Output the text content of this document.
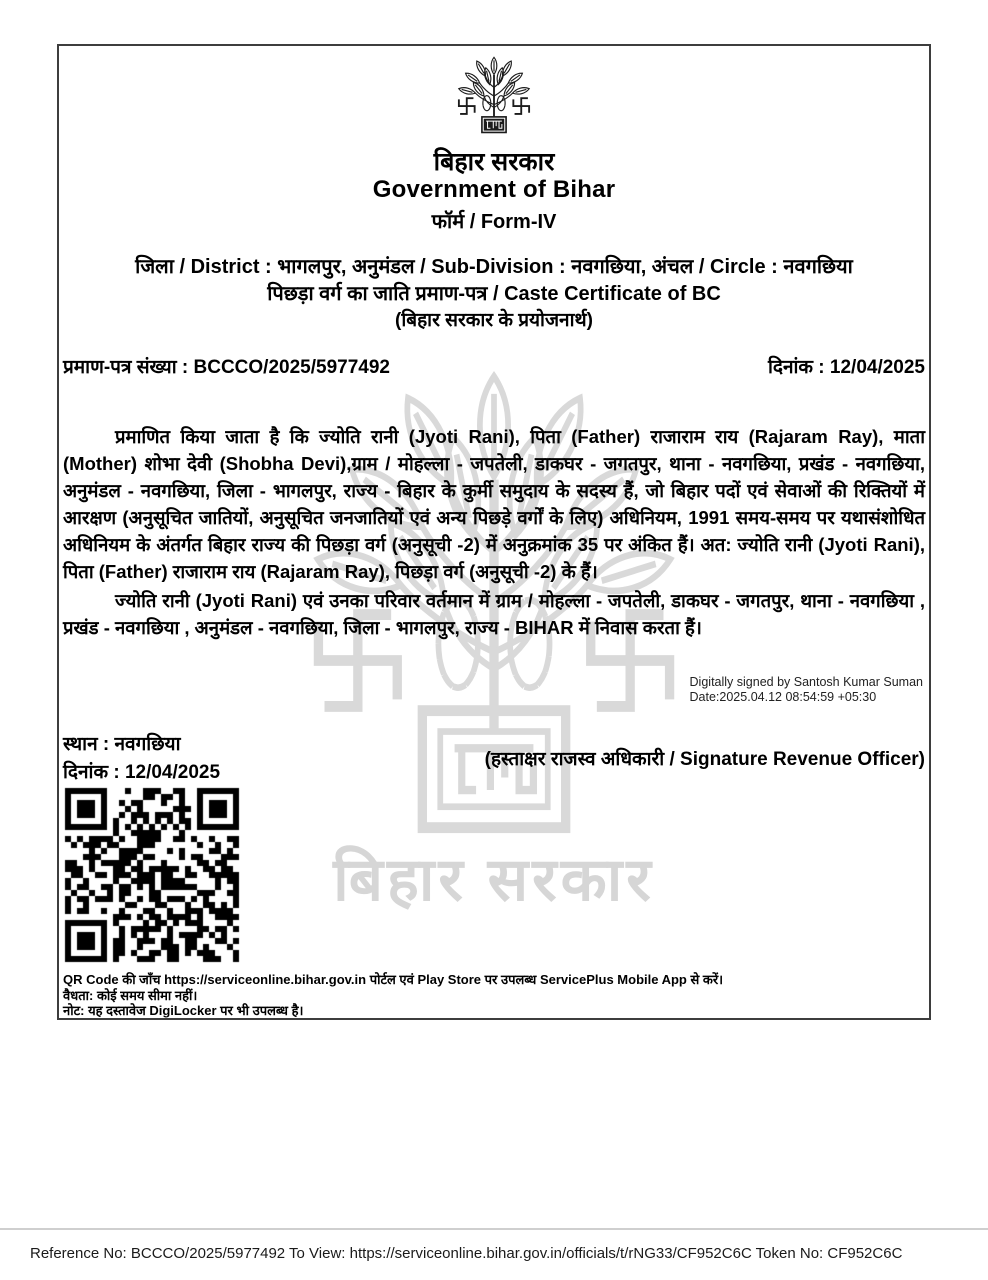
बिहार सरकार
बिहार सरकार
Government of Bihar
फॉर्म / Form-IV
जिला / District : भागलपुर, अनुमंडल / Sub-Division : नवगछिया, अंचल / Circle : नवगछिया
पिछड़ा वर्ग का जाति प्रमाण-पत्र / Caste Certificate of BC
(बिहार सरकार के प्रयोजनार्थ)
प्रमाण-पत्र संख्या : BCCCO/2025/5977492	दिनांक : 12/04/2025

प्रमाणित किया जाता है कि ज्योति रानी (Jyoti Rani), पिता (Father) राजाराम राय (Rajaram Ray), माता (Mother) शोभा देवी (Shobha Devi),ग्राम / मोहल्ला - जपतेली, डाकघर - जगतपुर, थाना - नवगछिया, प्रखंड - नवगछिया, अनुमंडल - नवगछिया, जिला - भागलपुर, राज्य - बिहार के कुर्मी समुदाय के सदस्य हैं, जो बिहार पदों एवं सेवाओं की रिक्तियों में आरक्षण (अनुसूचित जातियों, अनुसूचित जनजातियों एवं अन्य पिछड़े वर्गों के लिए) अधिनियम, 1991 समय-समय पर यथासंशोधित अधिनियम के अंतर्गत बिहार राज्य की पिछड़ा वर्ग (अनुसूची -2) में अनुक्रमांक 35 पर अंकित हैं। अत: ज्योति रानी (Jyoti Rani), पिता (Father) राजाराम राय (Rajaram Ray), पिछड़ा वर्ग (अनुसूची -2) के हैं।

ज्योति रानी (Jyoti Rani) एवं उनका परिवार वर्तमान में ग्राम / मोहल्ला - जपतेली, डाकघर - जगतपुर, थाना - नवगछिया , प्रखंड - नवगछिया , अनुमंडल - नवगछिया, जिला - भागलपुर, राज्य - BIHAR में निवास करता हैं।

Digitally signed by Santosh Kumar Suman
Date:2025.04.12 08:54:59 +05:30
स्थान : नवगछिया
दिनांक : 12/04/2025
(हस्ताक्षर राजस्व अधिकारी / Signature Revenue Officer)
QR Code की जाँच https://serviceonline.bihar.gov.in पोर्टल एवं Play Store पर उपलब्ध ServicePlus Mobile App से करें।
वैधता: कोई समय सीमा नहीं।
नोट: यह दस्तावेज DigiLocker पर भी उपलब्ध है।
Reference No: BCCCO/2025/5977492 To View: https://serviceonline.bihar.gov.in/officials/t/rNG33/CF952C6C Token No: CF952C6C
